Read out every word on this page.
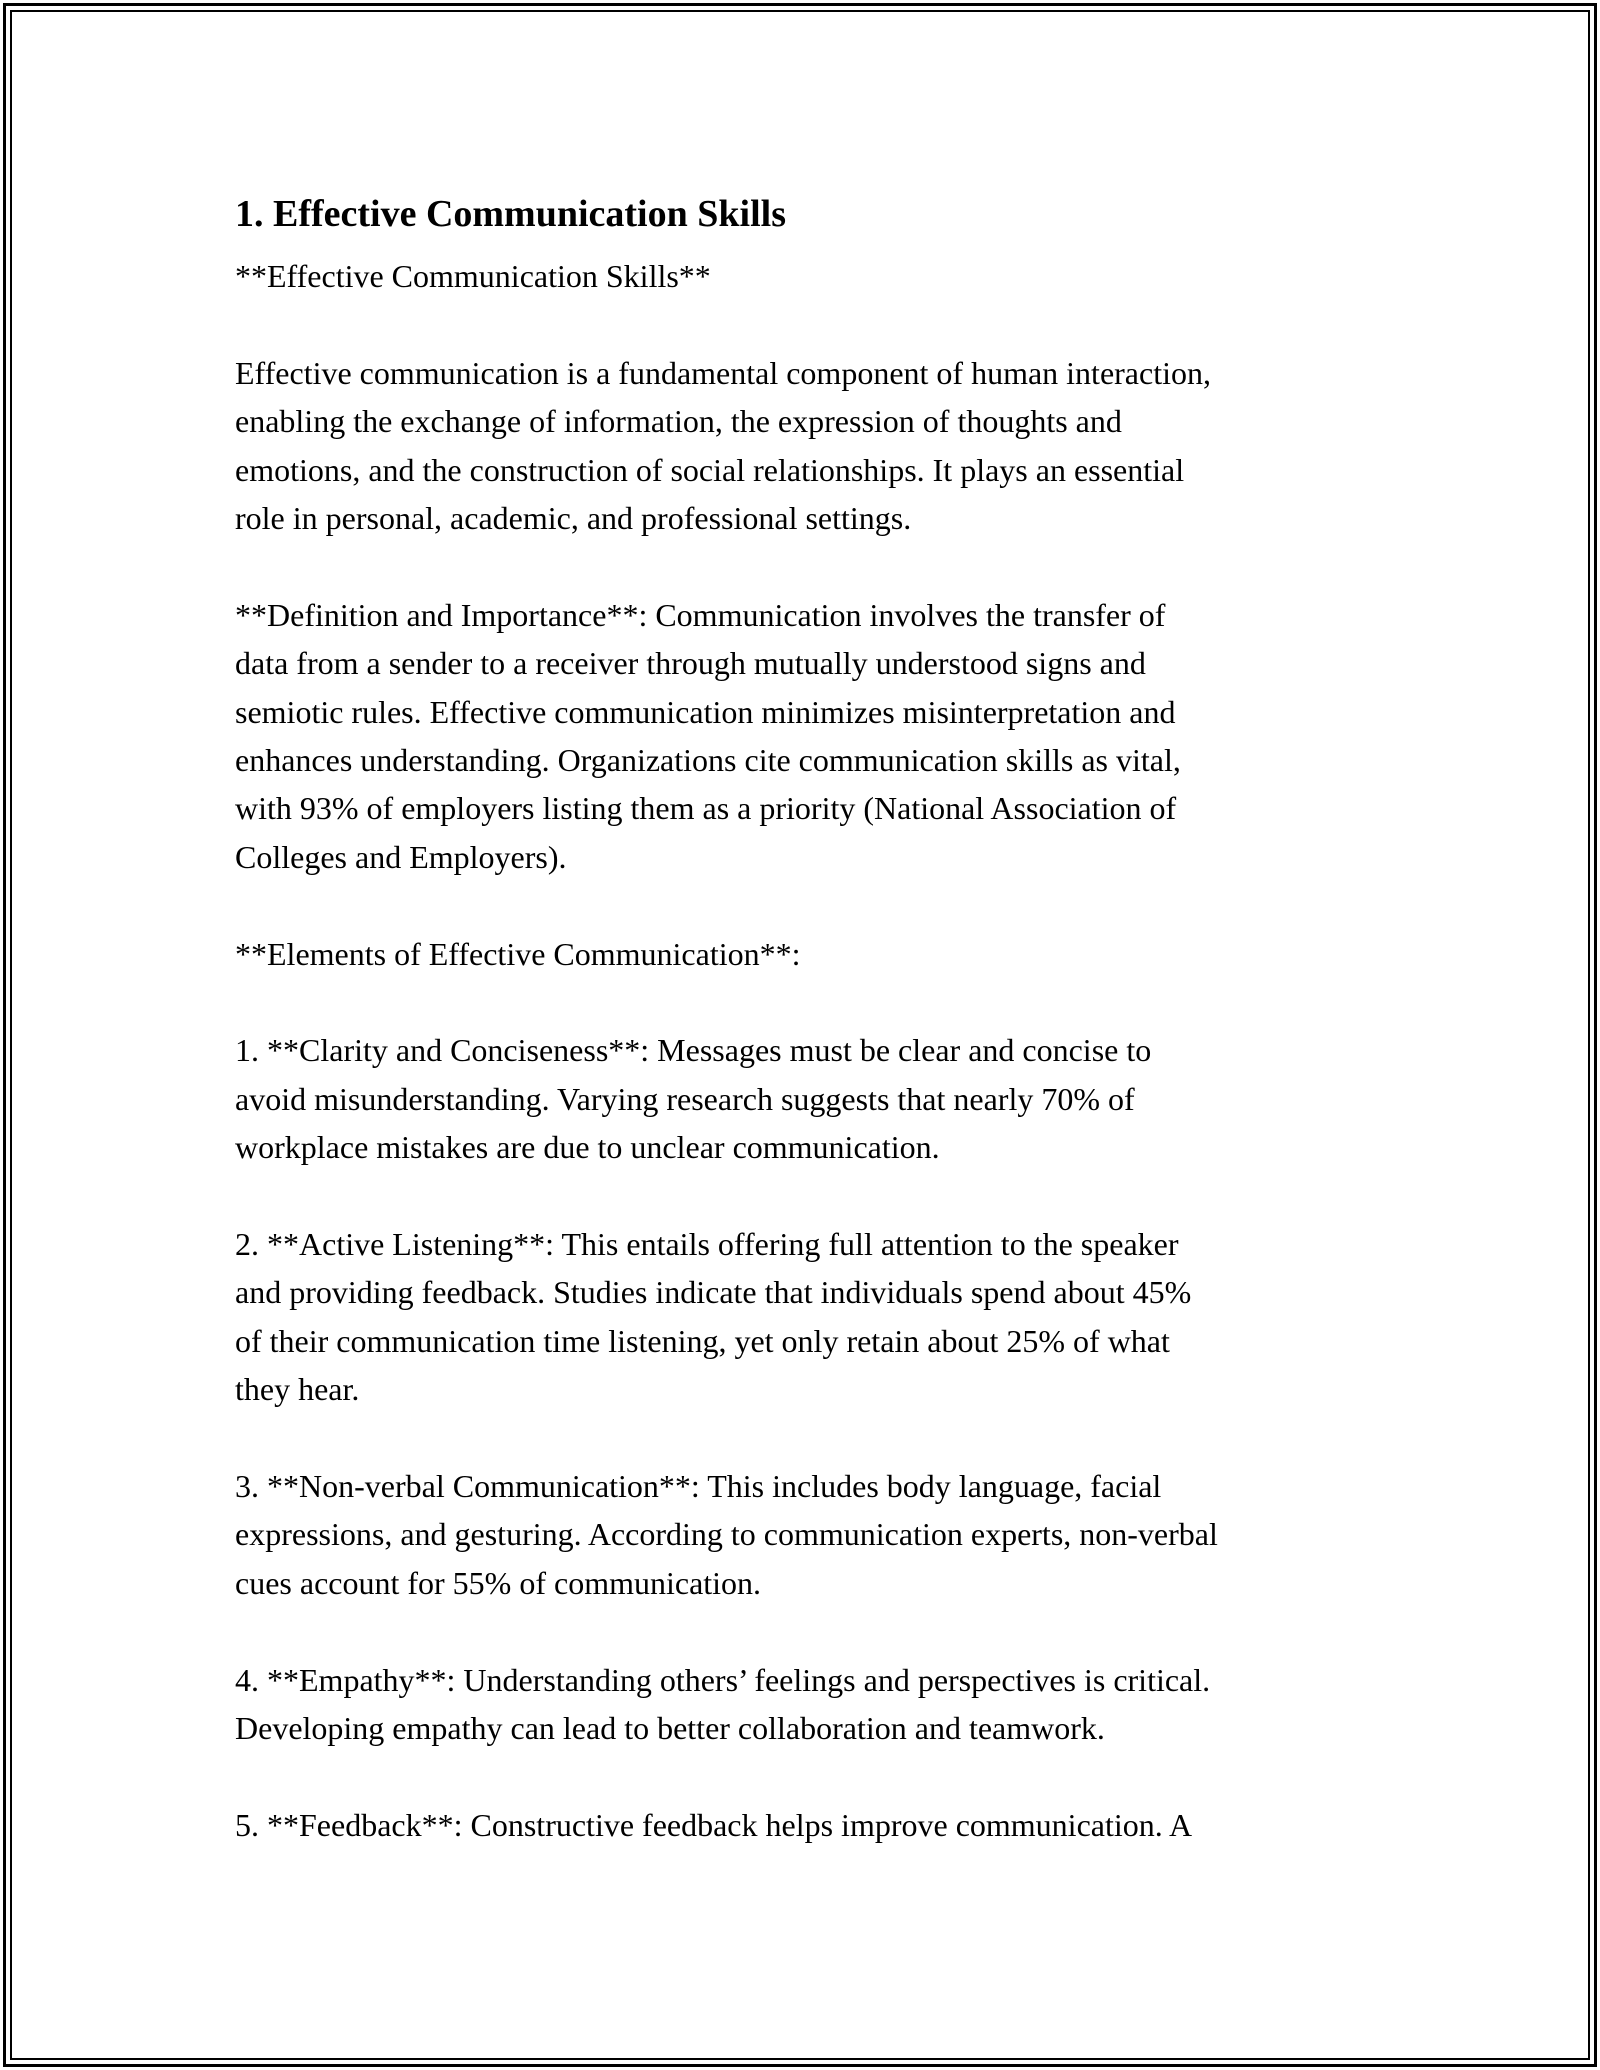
1. Effective Communication Skills

**Effective Communication Skills**

Effective communication is a fundamental component of human interaction,
enabling the exchange of information, the expression of thoughts and
emotions, and the construction of social relationships. It plays an essential
role in personal, academic, and professional settings.

**Definition and Importance**: Communication involves the transfer of
data from a sender to a receiver through mutually understood signs and
semiotic rules. Effective communication minimizes misinterpretation and
enhances understanding. Organizations cite communication skills as vital,
with 93% of employers listing them as a priority (National Association of
Colleges and Employers).

**Elements of Effective Communication**:

1. **Clarity and Conciseness**: Messages must be clear and concise to
avoid misunderstanding. Varying research suggests that nearly 70% of
workplace mistakes are due to unclear communication.

2. **Active Listening**: This entails offering full attention to the speaker
and providing feedback. Studies indicate that individuals spend about 45%
of their communication time listening, yet only retain about 25% of what
they hear.

3. **Non-verbal Communication**: This includes body language, facial
expressions, and gesturing. According to communication experts, non-verbal
cues account for 55% of communication.

4. **Empathy**: Understanding others’ feelings and perspectives is critical.
Developing empathy can lead to better collaboration and teamwork.

5. **Feedback**: Constructive feedback helps improve communication. A
